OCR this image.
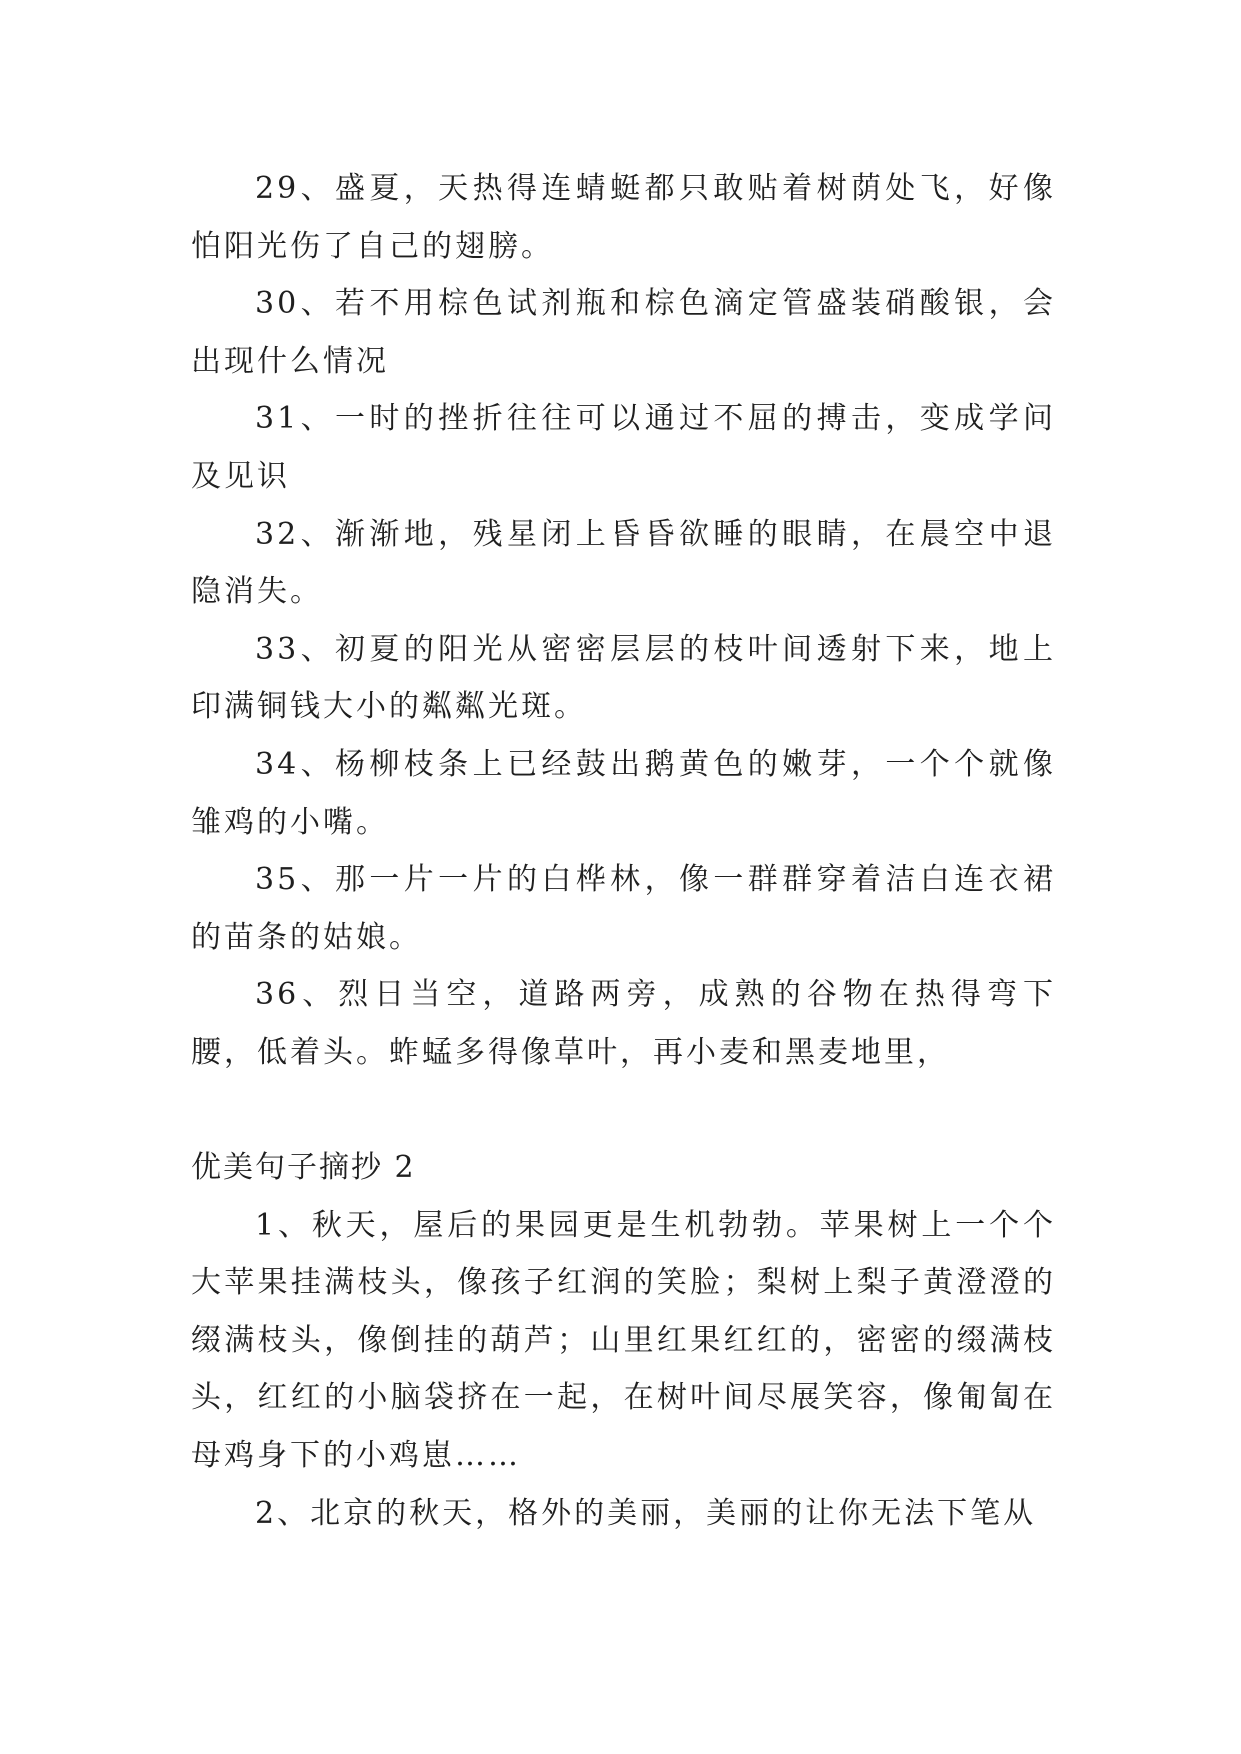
29、盛夏，天热得连蜻蜓都只敢贴着树荫处飞，好像怕阳光伤了自己的翅膀。

30、若不用棕色试剂瓶和棕色滴定管盛装硝酸银，会出现什么情况

31、一时的挫折往往可以通过不屈的搏击，变成学问及见识

32、渐渐地，残星闭上昏昏欲睡的眼睛，在晨空中退隐消失。

33、初夏的阳光从密密层层的枝叶间透射下来，地上印满铜钱大小的粼粼光斑。

34、杨柳枝条上已经鼓出鹅黄色的嫩芽，一个个就像雏鸡的小嘴。

35、那一片一片的白桦林，像一群群穿着洁白连衣裙的苗条的姑娘。

36、烈日当空，道路两旁，成熟的谷物在热得弯下腰，低着头。蚱蜢多得像草叶，再小麦和黑麦地里，

优美句子摘抄 2

1、秋天，屋后的果园更是生机勃勃。苹果树上一个个大苹果挂满枝头，像孩子红润的笑脸；梨树上梨子黄澄澄的缀满枝头，像倒挂的葫芦；山里红果红红的，密密的缀满枝头，红红的小脑袋挤在一起，在树叶间尽展笑容，像匍匐在母鸡身下的小鸡崽……

2、北京的秋天，格外的美丽，美丽的让你无法下笔从
